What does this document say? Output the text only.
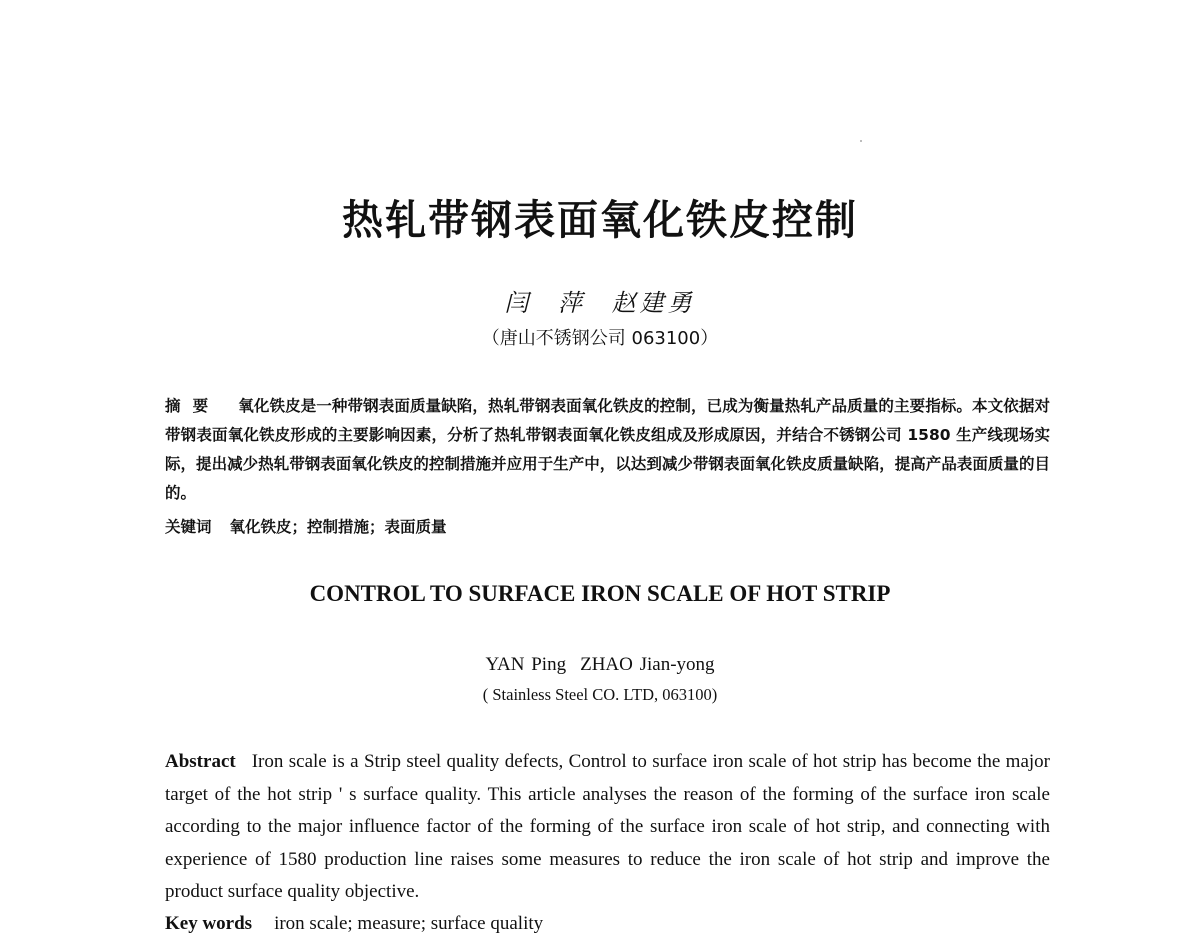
热轧带钢表面氧化铁皮控制
闫 萍 赵建勇
（唐山不锈钢公司 063100）
摘要 氧化铁皮是一种带钢表面质量缺陷，热轧带钢表面氧化铁皮的控制，已成为衡量热轧产品质量的主要指标。本文依据对带钢表面氧化铁皮形成的主要影响因素，分析了热轧带钢表面氧化铁皮组成及形成原因，并结合不锈钢公司 1580 生产线现场实际，提出减少热轧带钢表面氧化铁皮的控制措施并应用于生产中，以达到减少带钢表面氧化铁皮质量缺陷，提高产品表面质量的目的。
关键词 氧化铁皮；控制措施；表面质量
CONTROL TO SURFACE IRON SCALE OF HOT STRIP
YAN Ping ZHAO Jian-yong
( Stainless Steel CO. LTD, 063100)
Abstract Iron scale is a Strip steel quality defects, Control to surface iron scale of hot strip has become the major target of the hot strip ' s surface quality. This article analyses the reason of the forming of the surface iron scale according to the major influence factor of the forming of the surface iron scale of hot strip, and connecting with experience of 1580 production line raises some measures to reduce the iron scale of hot strip and improve the product surface quality objective.
Key words iron scale; measure; surface quality
